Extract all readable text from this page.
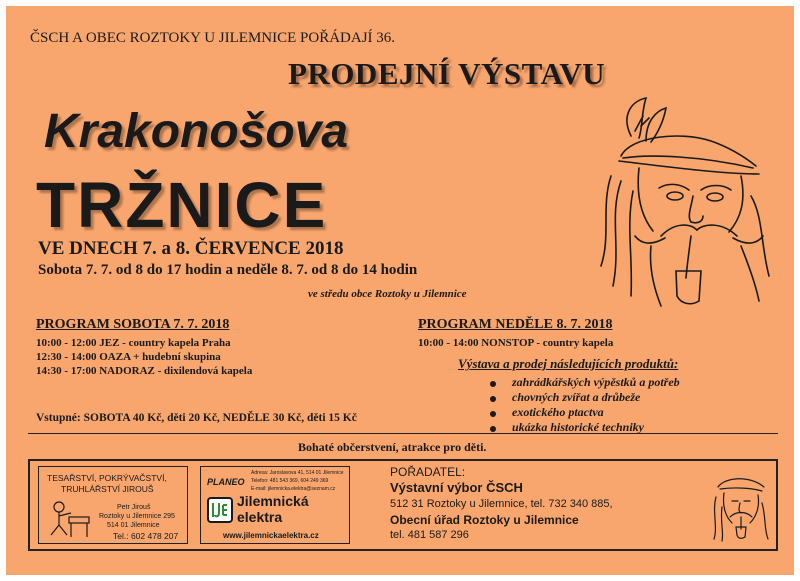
ČSCH A OBEC ROZTOKY U JILEMNICE POŘÁDAJÍ 36.
PRODEJNÍ VÝSTAVU
Krakonošova
TRŽNICE
VE DNECH 7. a 8. ČERVENCE 2018
Sobota 7. 7. od 8 do 17 hodin a neděle 8. 7. od 8 do 14 hodin
ve středu obce Roztoky u Jilemnice
PROGRAM SOBOTA 7. 7. 2018
10:00 - 12:00 JEZ - country kapela Praha
12:30 - 14:00 OAZA + hudební skupina
14:30 - 17:00 NADORAZ - dixilendová kapela
PROGRAM NEDĚLE 8. 7. 2018
10:00 - 14:00 NONSTOP - country kapela
Výstava a prodej následujících produktů:
zahrádkářských výpěstků a potřeb
chovných zvířat a drůbeže
exotického ptactva
ukázka historické techniky
Vstupné: SOBOTA 40 Kč, děti 20 Kč, NEDĚLE 30 Kč, děti 15 Kč
Bohaté občerstvení, atrakce pro děti.
TESAŘSTVÍ, POKRÝVAČSTVÍ,
TRUHLÁŘSTVÍ JIROUŠ
Petr Jirouš
Roztoky u Jilemnice 295
514 01 Jilemnice
Tel.: 602 478 207
PLANEO
Adresa: Jaroslavova 41, 514 01 Jilemnice
Telefon: 481 543 369, 604 249 369
E-mail: jilemnicka.elektra@seznam.cz
Jilemnická
elektra
www.jilemnickaelektra.cz
POŘADATEL:
Výstavní výbor ČSCH
512 31 Roztoky u Jilemnice, tel. 732 340 885,
Obecní úřad Roztoky u Jilemnice
tel. 481 587 296
